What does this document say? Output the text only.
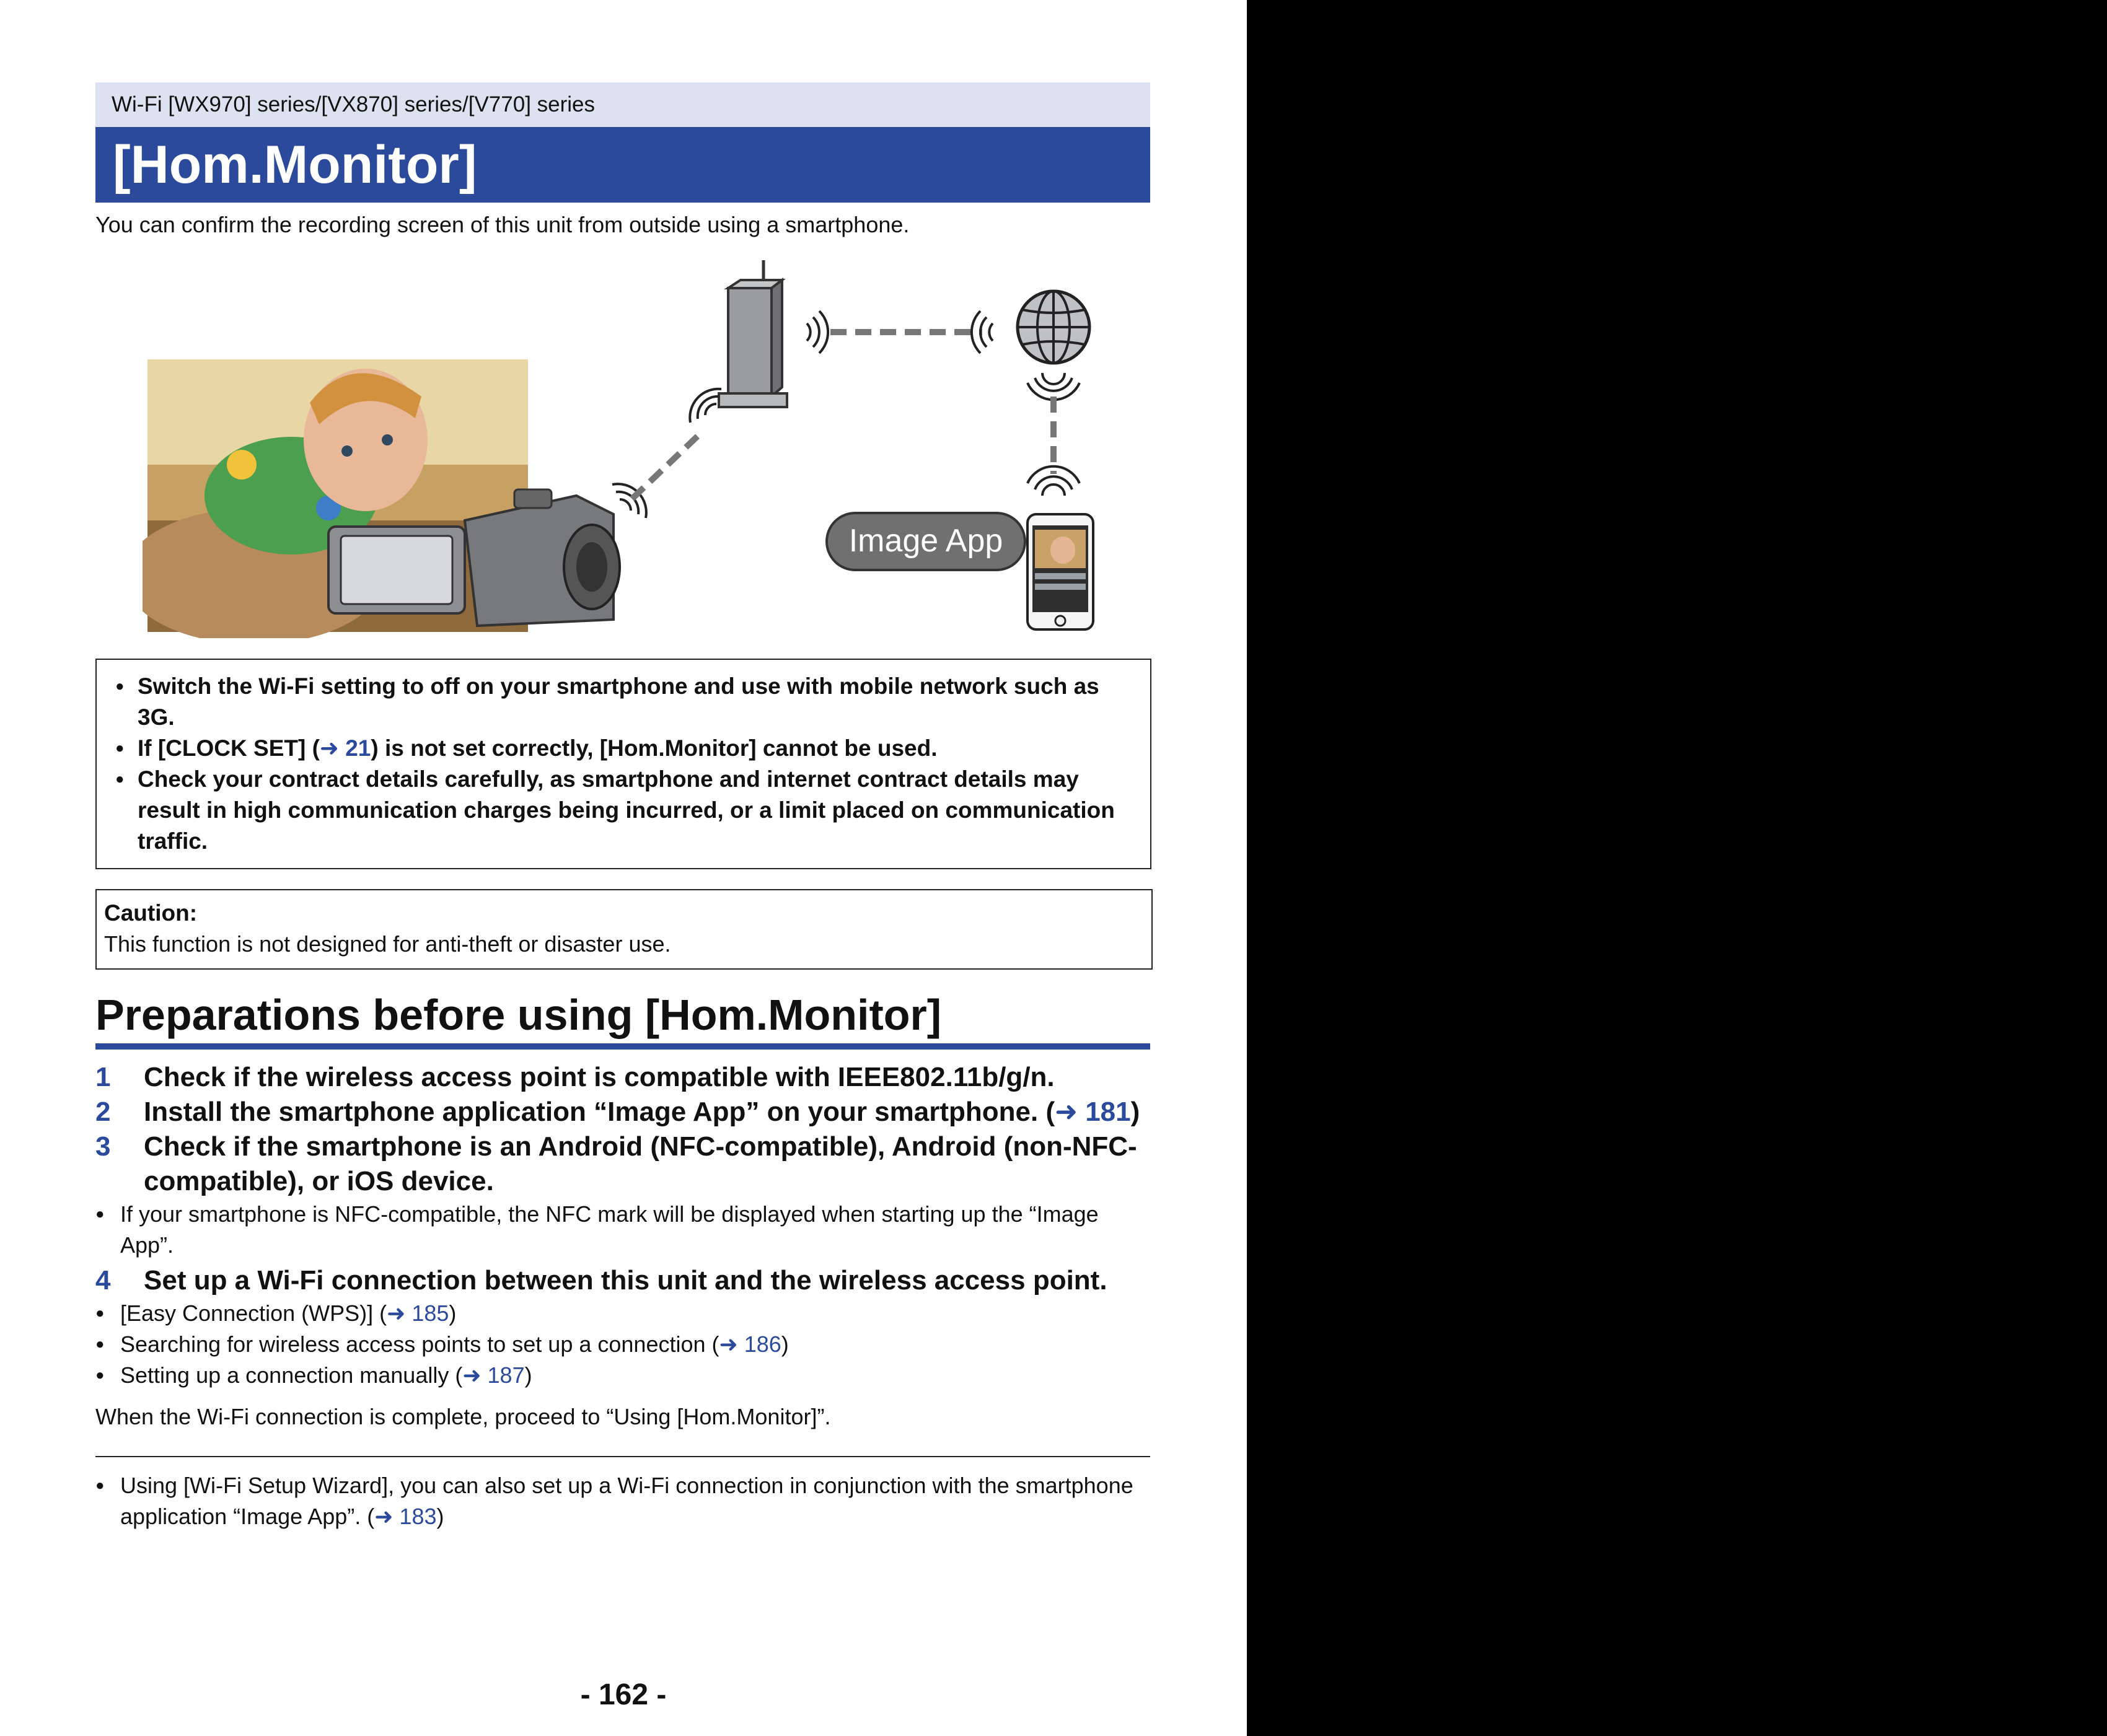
Wi-Fi [WX970] series/[VX870] series/[V770] series
[Hom.Monitor]
You can confirm the recording screen of this unit from outside using a smartphone.
Image App
● Switch the Wi-Fi setting to off on your smartphone and use with mobile network such as 3G.
● If [CLOCK SET] (➜ 21) is not set correctly, [Hom.Monitor] cannot be used.
● Check your contract details carefully, as smartphone and internet contract details may result in high communication charges being incurred, or a limit placed on communication traffic.
Caution:
This function is not designed for anti-theft or disaster use.
Preparations before using [Hom.Monitor]
1	Check if the wireless access point is compatible with IEEE802.11b/g/n.
2	Install the smartphone application “Image App” on your smartphone. (➜ 181)
3	Check if the smartphone is an Android (NFC-compatible), Android (non-NFC-compatible), or iOS device.
● If your smartphone is NFC-compatible, the NFC mark will be displayed when starting up the “Image App”.
4	Set up a Wi-Fi connection between this unit and the wireless access point.
● [Easy Connection (WPS)] (➜ 185)
● Searching for wireless access points to set up a connection (➜ 186)
● Setting up a connection manually (➜ 187)
When the Wi-Fi connection is complete, proceed to “Using [Hom.Monitor]”.
● Using [Wi-Fi Setup Wizard], you can also set up a Wi-Fi connection in conjunction with the smartphone application “Image App”. (➜ 183)
- 162 -
